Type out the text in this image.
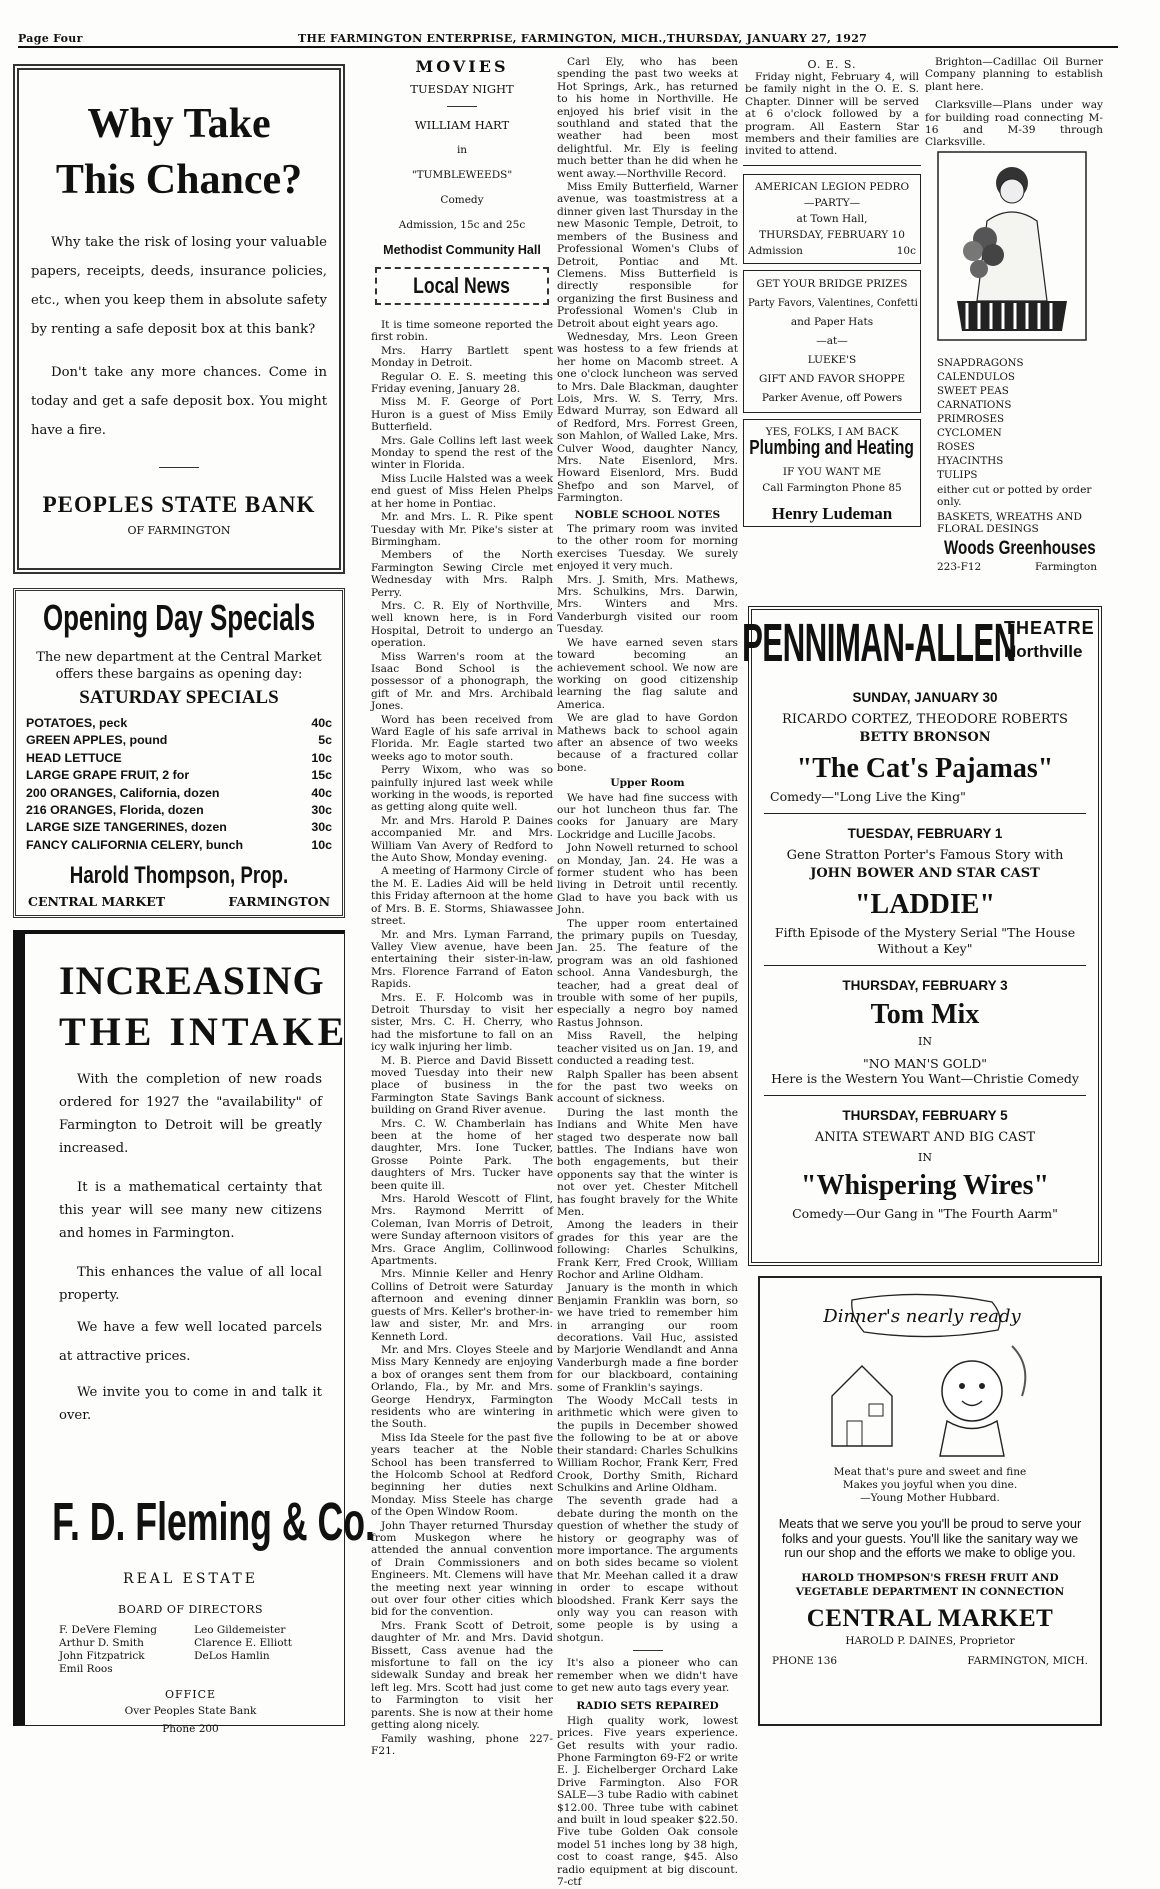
Page Four	THE FARMINGTON ENTERPRISE, FARMINGTON, MICH.,THURSDAY, JANUARY 27, 1927
Why Take This Chance?
Why take the risk of losing your valuable papers, receipts, deeds, insurance policies, etc., when you keep them in absolute safety by renting a safe deposit box at this bank?
Don't take any more chances. Come in today and get a safe deposit box. You might have a fire.
PEOPLES STATE BANK
OF FARMINGTON
Opening Day Specials
The new department at the Central Market offers these bargains as opening day:
SATURDAY SPECIALS
POTATOES, peck	40c
GREEN APPLES, pound	5c
HEAD LETTUCE	10c
LARGE GRAPE FRUIT, 2 for	15c
200 ORANGES, California, dozen	40c
216 ORANGES, Florida, dozen	30c
LARGE SIZE TANGERINES, dozen	30c
FANCY CALIFORNIA CELERY, bunch	10c
Harold Thompson, Prop.
CENTRAL MARKET	FARMINGTON
INCREASING
THE INTAKE
With the completion of new roads ordered for 1927 the "availability" of Farmington to Detroit will be greatly increased.
It is a mathematical certainty that this year will see many new citizens and homes in Farmington.
This enhances the value of all local property.
We have a few well located parcels at attractive prices.
We invite you to come in and talk it over.
F. D. Fleming & Co.
REAL ESTATE
BOARD OF DIRECTORS
F. DeVere Fleming
Arthur D. Smith
John Fitzpatrick
Emil Roos
Leo Gildemeister
Clarence E. Elliott
DeLos Hamlin
OFFICE
Over Peoples State Bank
Phone 200
MOVIES
TUESDAY NIGHT
WILLIAM HART
in
"TUMBLEWEEDS"
Comedy
Admission, 15c and 25c
Methodist Community Hall
Local News

It is time someone reported the first robin.

Mrs. Harry Bartlett spent Monday in Detroit.

Regular O. E. S. meeting this Friday evening, January 28.

Miss M. F. George of Port Huron is a guest of Miss Emily Butterfield.

Mrs. Gale Collins left last week Monday to spend the rest of the winter in Florida.

Miss Lucile Halsted was a week end guest of Miss Helen Phelps at her home in Pontiac.

Mr. and Mrs. L. R. Pike spent Tuesday with Mr. Pike's sister at Birmingham.

Members of the North Farmington Sewing Circle met Wednesday with Mrs. Ralph Perry.

Mrs. C. R. Ely of Northville, well known here, is in Ford Hospital, Detroit to undergo an operation.

Miss Warren's room at the Isaac Bond School is the possessor of a phonograph, the gift of Mr. and Mrs. Archibald Jones.

Word has been received from Ward Eagle of his safe arrival in Florida. Mr. Eagle started two weeks ago to motor south.

Perry Wixom, who was so painfully injured last week while working in the woods, is reported as getting along quite well.

Mr. and Mrs. Harold P. Daines accompanied Mr. and Mrs. William Van Avery of Redford to the Auto Show, Monday evening.

A meeting of Harmony Circle of the M. E. Ladies Aid will be held this Friday afternoon at the home of Mrs. B. E. Storms, Shiawassee street.

Mr. and Mrs. Lyman Farrand, Valley View avenue, have been entertaining their sister-in-law, Mrs. Florence Farrand of Eaton Rapids.

Mrs. E. F. Holcomb was in Detroit Thursday to visit her sister, Mrs. C. H. Cherry, who had the misfortune to fall on an icy walk injuring her limb.

M. B. Pierce and David Bissett moved Tuesday into their new place of business in the Farmington State Savings Bank building on Grand River avenue.

Mrs. C. W. Chamberlain has been at the home of her daughter, Mrs. Ione Tucker, Grosse Pointe Park. The daughters of Mrs. Tucker have been quite ill.

Mrs. Harold Wescott of Flint, Mrs. Raymond Merritt of Coleman, Ivan Morris of Detroit, were Sunday afternoon visitors of Mrs. Grace Anglim, Collinwood Apartments.

Mrs. Minnie Keller and Henry Collins of Detroit were Saturday afternoon and evening dinner guests of Mrs. Keller's brother-in-law and sister, Mr. and Mrs. Kenneth Lord.

Mr. and Mrs. Cloyes Steele and Miss Mary Kennedy are enjoying a box of oranges sent them from Orlando, Fla., by Mr. and Mrs. George Hendryx, Farmington residents who are wintering in the South.

Miss Ida Steele for the past five years teacher at the Noble School has been transferred to the Holcomb School at Redford beginning her duties next Monday. Miss Steele has charge of the Open Window Room.

John Thayer returned Thursday from Muskegon where he attended the annual convention of Drain Commissioners and Engineers. Mt. Clemens will have the meeting next year winning out over four other cities which bid for the convention.

Mrs. Frank Scott of Detroit, daughter of Mr. and Mrs. David Bissett, Cass avenue had the misfortune to fall on the icy sidewalk Sunday and break her left leg. Mrs. Scott had just come to Farmington to visit her parents. She is now at their home getting along nicely.

Family washing, phone 227-F21.

Carl Ely, who has been spending the past two weeks at Hot Springs, Ark., has returned to his home in Northville. He enjoyed his brief visit in the southland and stated that the weather had been most delightful. Mr. Ely is feeling much better than he did when he went away.—Northville Record.

Miss Emily Butterfield, Warner avenue, was toastmistress at a dinner given last Thursday in the new Masonic Temple, Detroit, to members of the Business and Professional Women's Clubs of Detroit, Pontiac and Mt. Clemens. Miss Butterfield is directly responsible for organizing the first Business and Professional Women's Club in Detroit about eight years ago.

Wednesday, Mrs. Leon Green was hostess to a few friends at her home on Macomb street. A one o'clock luncheon was served to Mrs. Dale Blackman, daughter Lois, Mrs. W. S. Terry, Mrs. Edward Murray, son Edward all of Redford, Mrs. Forrest Green, son Mahlon, of Walled Lake, Mrs. Culver Wood, daughter Nancy, Mrs. Nate Eisenlord, Mrs. Howard Eisenlord, Mrs. Budd Shefpo and son Marvel, of Farmington.

NOBLE SCHOOL NOTES

The primary room was invited to the other room for morning exercises Tuesday. We surely enjoyed it very much.

Mrs. J. Smith, Mrs. Mathews, Mrs. Schulkins, Mrs. Darwin, Mrs. Winters and Mrs. Vanderburgh visited our room Tuesday.

We have earned seven stars toward becoming an achievement school. We now are working on good citizenship learning the flag salute and America.

We are glad to have Gordon Mathews back to school again after an absence of two weeks because of a fractured collar bone.

Upper Room

We have had fine success with our hot luncheon thus far. The cooks for January are Mary Lockridge and Lucille Jacobs.

John Nowell returned to school on Monday, Jan. 24. He was a former student who has been living in Detroit until recently. Glad to have you back with us John.

The upper room entertained the primary pupils on Tuesday, Jan. 25. The feature of the program was an old fashioned school. Anna Vandesburgh, the teacher, had a great deal of trouble with some of her pupils, especially a negro boy named Rastus Johnson.

Miss Ravell, the helping teacher visited us on Jan. 19, and conducted a reading test.

Ralph Spaller has been absent for the past two weeks on account of sickness.

During the last month the Indians and White Men have staged two desperate now ball battles. The Indians have won both engagements, but their opponents say that the winter is not over yet. Chester Mitchell has fought bravely for the White Men.

Among the leaders in their grades for this year are the following: Charles Schulkins, Frank Kerr, Fred Crook, William Rochor and Arline Oldham.

January is the month in which Benjamin Franklin was born, so we have tried to remember him in arranging our room decorations. Vail Huc, assisted by Marjorie Wendlandt and Anna Vanderburgh made a fine border for our blackboard, containing some of Franklin's sayings.

The Woody McCall tests in arithmetic which were given to the pupils in December showed the following to be at or above their standard: Charles Schulkins William Rochor, Frank Kerr, Fred Crook, Dorthy Smith, Richard Schulkins and Arline Oldham.

The seventh grade had a debate during the month on the question of whether the study of history or geography was of more importance. The arguments on both sides became so violent that Mr. Meehan called it a draw in order to escape without bloodshed. Frank Kerr says the only way you can reason with some people is by using a shotgun.

It's also a pioneer who can remember when we didn't have to get new auto tags every year.

RADIO SETS REPAIRED

High quality work, lowest prices. Five years experience. Get results with your radio. Phone Farmington 69-F2 or write E. J. Eichelberger Orchard Lake Drive Farmington. Also FOR SALE—3 tube Radio with cabinet $12.00. Three tube with cabinet and built in loud speaker $22.50. Five tube Golden Oak console model 51 inches long by 38 high, cost to coast range, $45. Also radio equipment at big discount. 7-ctf

O. E. S.

Friday night, February 4, will be family night in the O. E. S. Chapter. Dinner will be served at 6 o'clock followed by a program. All Eastern Star members and their families are invited to attend.

AMERICAN LEGION PEDRO
—PARTY—
at Town Hall,
THURSDAY, FEBRUARY 10
Admission	10c
GET YOUR BRIDGE PRIZES
Party Favors, Valentines, Confetti
and Paper Hats
—at—
LUEKE'S
GIFT AND FAVOR SHOPPE
Parker Avenue, off Powers
YES, FOLKS, I AM BACK
Plumbing and Heating
IF YOU WANT ME
Call Farmington Phone 85
Henry Ludeman

Brighton—Cadillac Oil Burner Company planning to establish plant here.

Clarksville—Plans under way for building road connecting M-16 and M-39 through Clarksville.

SNAPDRAGONS
CALENDULOS
SWEET PEAS
CARNATIONS
PRIMROSES
CYCLOMEN
ROSES
HYACINTHS
TULIPS
either cut or potted by order only.
BASKETS, WREATHS AND FLORAL DESINGS
Woods Greenhouses
223-F12	Farmington
PENNIMAN-ALLEN
THEATRE
Northville
SUNDAY, JANUARY 30
RICARDO CORTEZ, THEODORE ROBERTS
BETTY BRONSON
"The Cat's Pajamas"
Comedy—"Long Live the King"
TUESDAY, FEBRUARY 1
Gene Stratton Porter's Famous Story with
JOHN BOWER AND STAR CAST
"LADDIE"
Fifth Episode of the Mystery Serial "The House Without a Key"
THURSDAY, FEBRUARY 3
Tom Mix
IN
"NO MAN'S GOLD"
Here is the Western You Want—Christie Comedy
THURSDAY, FEBRUARY 5
ANITA STEWART AND BIG CAST
IN
"Whispering Wires"
Comedy—Our Gang in "The Fourth Aarm"
Dinner's nearly ready
Meat that's pure and sweet and fine
Makes you joyful when you dine.
—Young Mother Hubbard.
Meats that we serve you you'll be proud to serve your folks and your guests. You'll like the sanitary way we run our shop and the efforts we make to oblige you.
HAROLD THOMPSON'S FRESH FRUIT AND VEGETABLE DEPARTMENT IN CONNECTION
CENTRAL MARKET
HAROLD P. DAINES, Proprietor
PHONE 136	FARMINGTON, MICH.
